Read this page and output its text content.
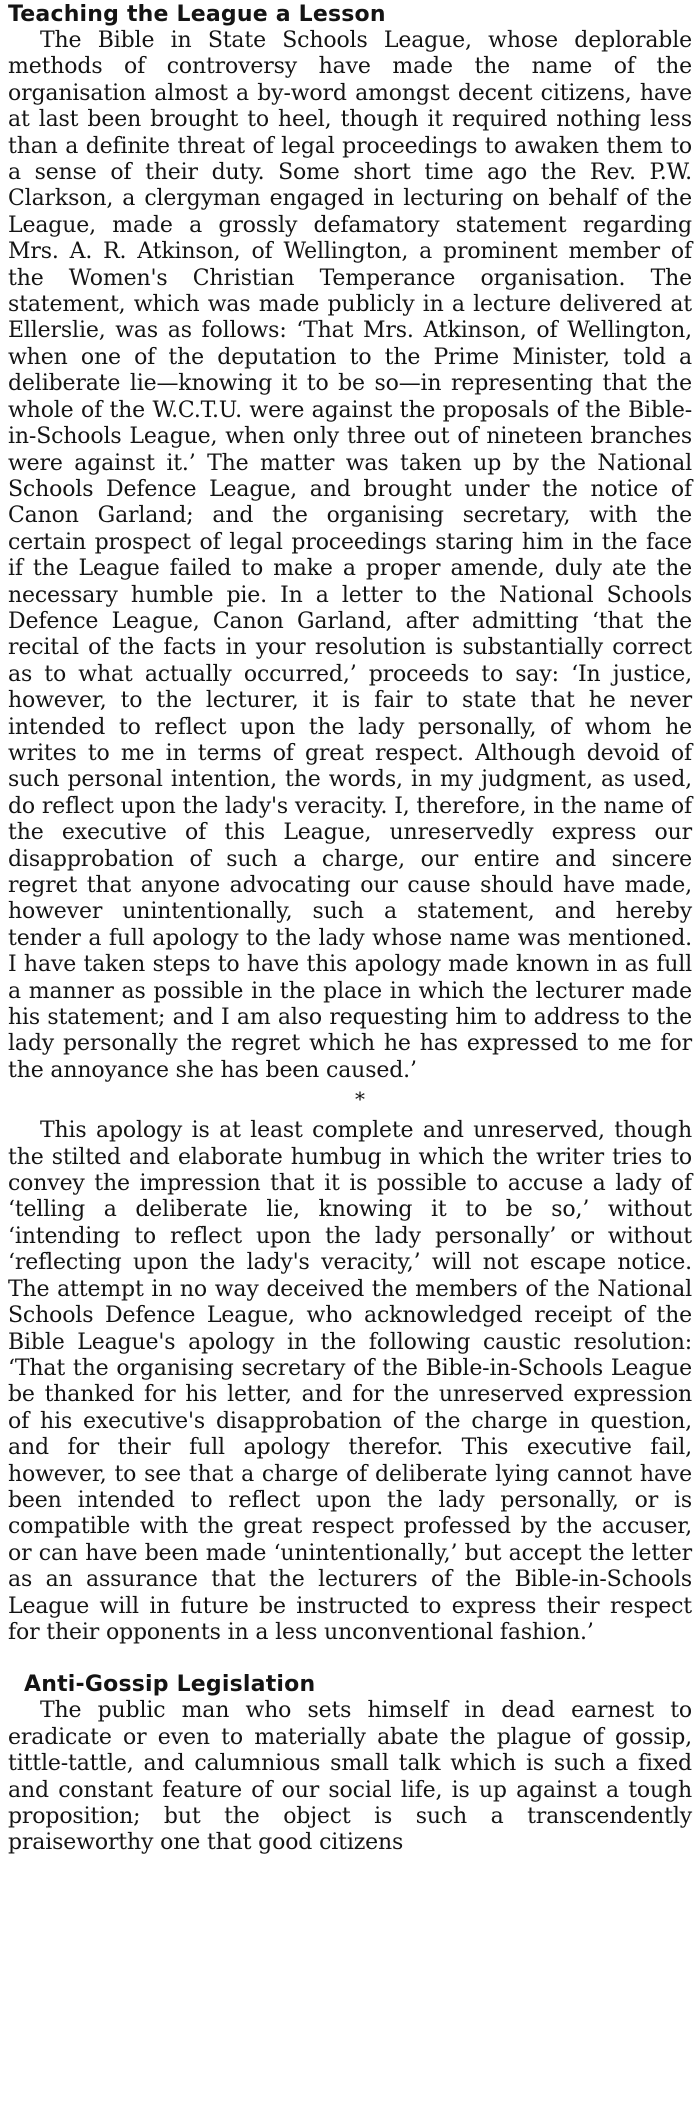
Teaching the League a Lesson

The Bible in State Schools League, whose deplorable methods of controversy have made the name of the organisation almost a by-word amongst decent citizens, have at last been brought to heel, though it required nothing less than a definite threat of legal proceedings to awaken them to a sense of their duty. Some short time ago the Rev. P.W. Clarkson, a clergyman engaged in lecturing on behalf of the League, made a grossly defamatory statement regarding Mrs. A. R. Atkinson, of Wellington, a prominent member of the Women's Christian Temperance organisation. The statement, which was made publicly in a lecture delivered at Ellerslie, was as follows: ‘That Mrs. Atkinson, of Wellington, when one of the deputation to the Prime Minister, told a deliberate lie—knowing it to be so—in representing that the whole of the W.C.T.U. were against the proposals of the Bible-in-Schools League, when only three out of nineteen branches were against it.’ The matter was taken up by the National Schools Defence League, and brought under the notice of Canon Garland; and the organising secretary, with the certain prospect of legal proceedings staring him in the face if the League failed to make a proper amende, duly ate the necessary humble pie. In a letter to the National Schools Defence League, Canon Garland, after admitting ‘that the recital of the facts in your resolution is substantially correct as to what actually occurred,’ proceeds to say: ‘In justice, however, to the lecturer, it is fair to state that he never intended to reflect upon the lady personally, of whom he writes to me in terms of great respect. Although devoid of such personal intention, the words, in my judgment, as used, do reflect upon the lady's veracity. I, therefore, in the name of the executive of this League, unreservedly express our disapprobation of such a charge, our entire and sincere regret that anyone advocating our cause should have made, however unintentionally, such a statement, and hereby tender a full apology to the lady whose name was mentioned. I have taken steps to have this apology made known in as full a manner as possible in the place in which the lecturer made his statement; and I am also requesting him to address to the lady personally the regret which he has expressed to me for the annoyance she has been caused.’

*

This apology is at least complete and unreserved, though the stilted and elaborate humbug in which the writer tries to convey the impression that it is possible to accuse a lady of ‘telling a deliberate lie, knowing it to be so,’ without ‘intending to reflect upon the lady personally’ or without ‘reflecting upon the lady's veracity,’ will not escape notice. The attempt in no way deceived the members of the National Schools Defence League, who acknowledged receipt of the Bible League's apology in the following caustic resolution: ‘That the organising secretary of the Bible-in-Schools League be thanked for his letter, and for the unreserved expression of his executive's disapprobation of the charge in question, and for their full apology therefor. This executive fail, however, to see that a charge of deliberate lying cannot have been intended to reflect upon the lady personally, or is compatible with the great respect professed by the accuser, or can have been made ‘unintentionally,’ but accept the letter as an assurance that the lecturers of the Bible-in-Schools League will in future be instructed to express their respect for their opponents in a less unconventional fashion.’

Anti-Gossip Legislation

The public man who sets himself in dead earnest to eradicate or even to materially abate the plague of gossip, tittle-tattle, and calumnious small talk which is such a fixed and constant feature of our social life, is up against a tough proposition; but the object is such a transcendently praiseworthy one that good citizens
